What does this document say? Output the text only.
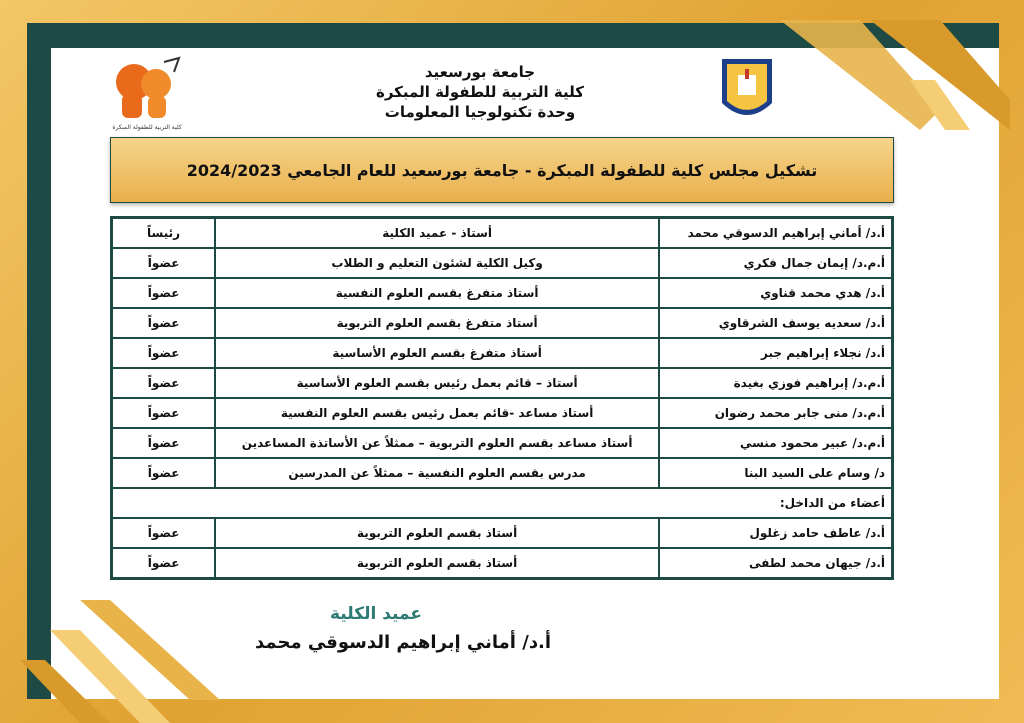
كلية التربية للطفولة المبكرة
جامعة بورسعيد
جامعة بورسعيد
كلية التربية للطفولة المبكرة
وحدة تكنولوجيا المعلومات
تشكيل مجلس كلية للطفولة المبكرة - جامعة بورسعيد للعام الجامعي 2024/2023
أ.د/ أماني إبراهيم الدسوقي محمد	أستاذ - عميد الكلية	رئيساً
أ.م.د/ إيمان جمال فكري	وكيل الكلية لشئون التعليم و الطلاب	عضواً
أ.د/ هدي محمد قناوي	أستاذ متفرغ بقسم العلوم النفسية	عضواً
أ.د/ سعديه يوسف الشرقاوي	أستاذ متفرغ بقسم العلوم التربوية	عضواً
أ.د/ نجلاء إبراهيم جبر	أستاذ متفرغ بقسم العلوم الأساسية	عضواً
أ.م.د/ إبراهيم فوزي بغيدة	أستاذ – قائم بعمل رئيس بقسم العلوم الأساسية	عضواً
أ.م.د/ منى جابر محمد رضوان	أستاذ مساعد -قائم بعمل رئيس بقسم العلوم النفسية	عضواً
أ.م.د/ عبير محمود منسي	أستاذ مساعد بقسم العلوم التربوية – ممثلاً عن الأساتذة المساعدين	عضواً
د/ وسام على السيد البنا	مدرس بقسم العلوم النفسية – ممثلاً عن المدرسين	عضواً
أعضاء من الداخل:		
أ.د/ عاطف حامد زغلول	أستاذ بقسم العلوم التربوية	عضواً
أ.د/ جيهان محمد لطفى	أستاذ بقسم العلوم التربوية	عضواً
عميد الكلية
أ.د/ أماني إبراهيم الدسوقي محمد
